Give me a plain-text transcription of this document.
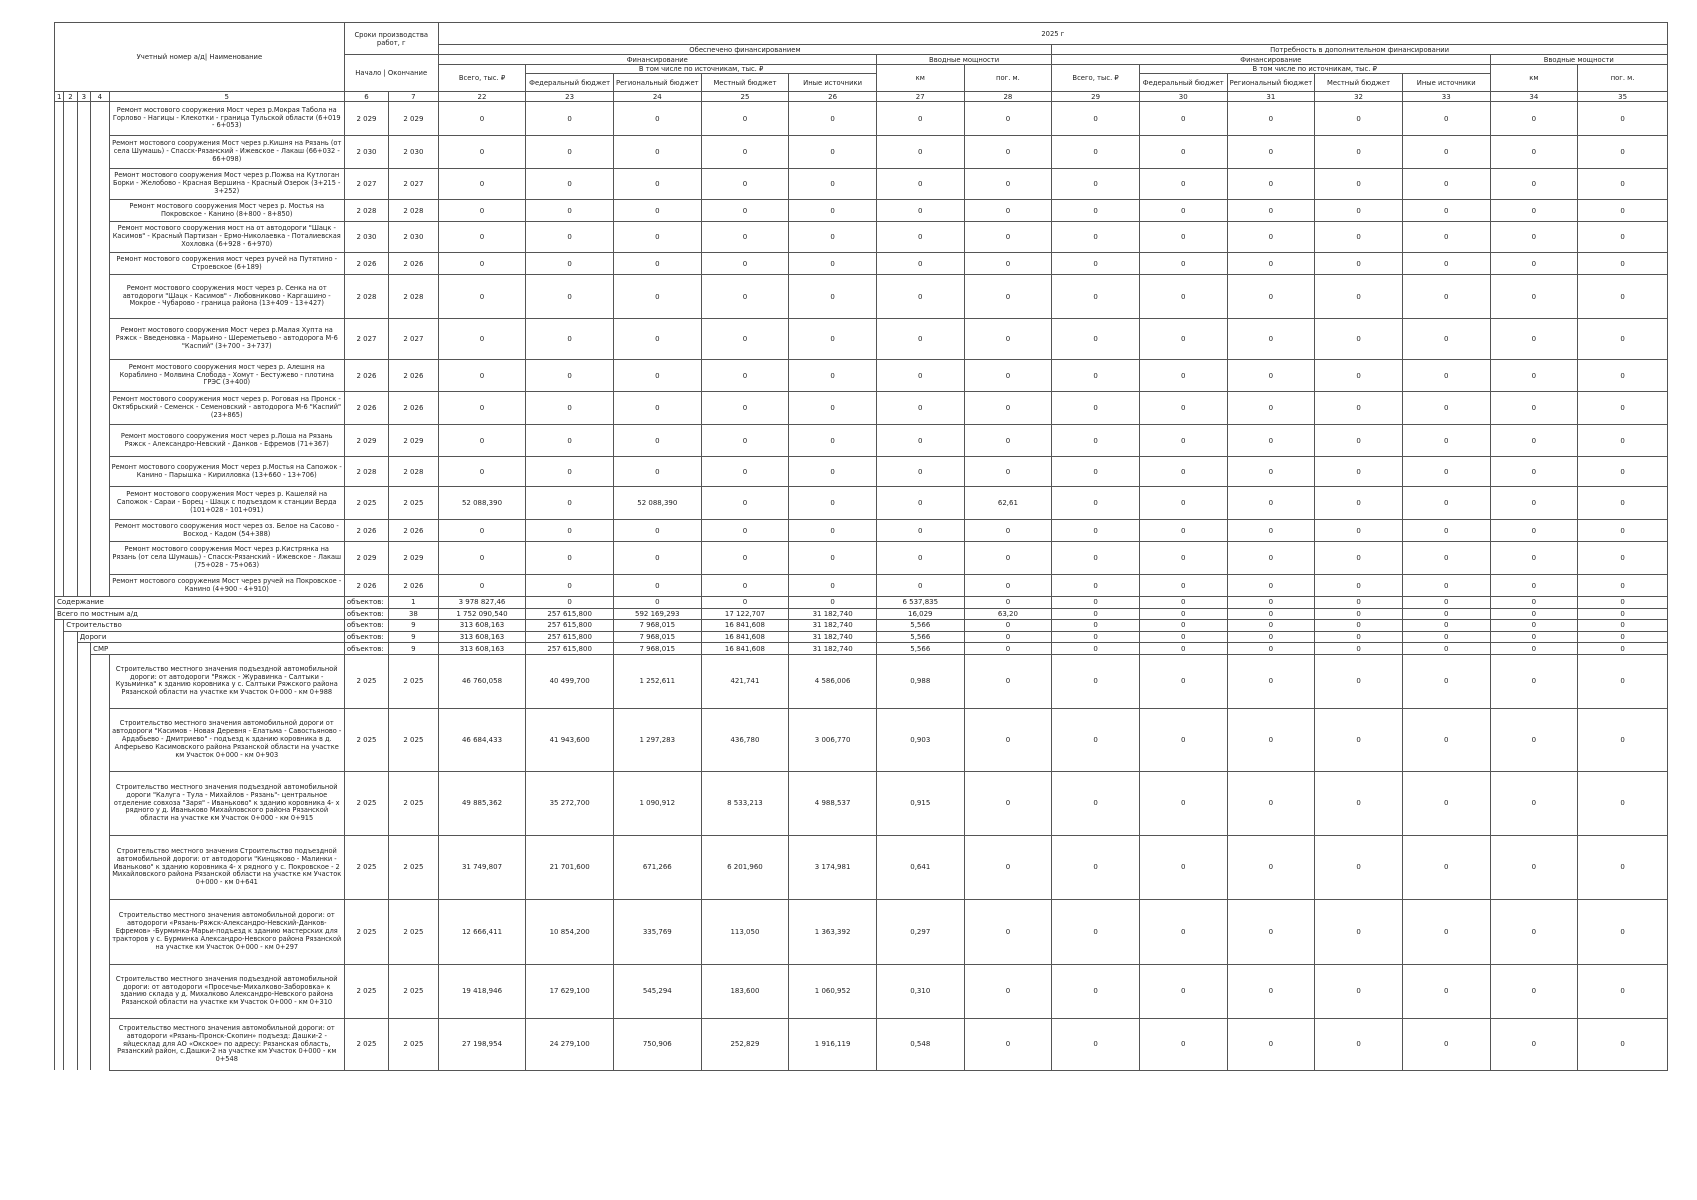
Учетный номер а/д| Наименование					Сроки производства работ, г		2025 г													
							Обеспечено финансированием							Потребность в дополнительном финансировании						
					Начало | Окончание		Финансирование					Вводные мощности		Финансирование					Вводные мощности	
							Всего, тыс. ₽	В том числе по источникам, тыс. ₽				км	пог. м.	Всего, тыс. ₽	В том числе по источникам, тыс. ₽				км	пог. м.
								Федеральный бюджет	Региональный бюджет	Местный бюджет	Иные источники				Федеральный бюджет	Региональный бюджет	Местный бюджет	Иные источники		
1	2	3	4	5	6	7	22	23	24	25	26	27	28	29	30	31	32	33	34	35
				Ремонт мостового сооружения Мост через р.Мокрая Табола на Горлово - Нагицы - Клекотки - граница Тульской области (6+019 - 6+053)	2 029	2 029	0	0	0	0	0	0	0	0	0	0	0	0	0	0
				Ремонт мостового сооружения Мост через р.Кишня на Рязань (от села Шумашь) - Спасск-Рязанский - Ижевское - Лакаш (66+032 - 66+098)	2 030	2 030	0	0	0	0	0	0	0	0	0	0	0	0	0	0
				Ремонт мостового сооружения Мост через р.Пожва на Кутлоган Борки - Желобово - Красная Вершина - Красный Озерок (3+215 - 3+252)	2 027	2 027	0	0	0	0	0	0	0	0	0	0	0	0	0	0
				Ремонт мостового сооружения Мост через р. Мостья на Покровское - Канино (8+800 - 8+850)	2 028	2 028	0	0	0	0	0	0	0	0	0	0	0	0	0	0
				Ремонт мостового сооружения мост на от автодороги "Шацк - Касимов" - Красный Партизан - Ермо-Николаевка - Поталиевская Хохловка (6+928 - 6+970)	2 030	2 030	0	0	0	0	0	0	0	0	0	0	0	0	0	0
				Ремонт мостового сооружения мост через ручей на Путятино - Строевское (6+189)	2 026	2 026	0	0	0	0	0	0	0	0	0	0	0	0	0	0
				Ремонт мостового сооружения мост через р. Сенка на от автодороги "Шацк - Касимов" - Любовниково - Каргашино - Мокрое - Чубарово - граница района (13+409 - 13+427)	2 028	2 028	0	0	0	0	0	0	0	0	0	0	0	0	0	0
				Ремонт мостового сооружения Мост через р.Малая Хупта на Ряжск - Введеновка - Марьино - Шереметьево - автодорога М-6 "Каспий" (3+700 - 3+737)	2 027	2 027	0	0	0	0	0	0	0	0	0	0	0	0	0	0
				Ремонт мостового сооружения мост через р. Алешня на Кораблино - Молвина Слобода - Хомут - Бестужево - плотина ГРЭС (3+400)	2 026	2 026	0	0	0	0	0	0	0	0	0	0	0	0	0	0
				Ремонт мостового сооружения мост через р. Роговая на Пронск - Октябрьский - Семенск - Семеновский - автодорога М-6 "Каспий" (23+865)	2 026	2 026	0	0	0	0	0	0	0	0	0	0	0	0	0	0
				Ремонт мостового сооружения мост через р.Лоша на Рязань Ряжск - Александро-Невский - Данков - Ефремов (71+367)	2 029	2 029	0	0	0	0	0	0	0	0	0	0	0	0	0	0
				Ремонт мостового сооружения Мост через р.Мостья на Сапожок - Канино - Парышка - Кирилловка (13+660 - 13+706)	2 028	2 028	0	0	0	0	0	0	0	0	0	0	0	0	0	0
				Ремонт мостового сооружения Мост через р. Кашеляй на Сапожок - Сараи - Борец - Шацк с подъездом к станции Верда (101+028 - 101+091)	2 025	2 025	52 088,390	0	52 088,390	0	0	0	62,61	0	0	0	0	0	0	0
				Ремонт мостового сооружения мост через оз. Белое на Сасово - Восход - Кадом (54+388)	2 026	2 026	0	0	0	0	0	0	0	0	0	0	0	0	0	0
				Ремонт мостового сооружения Мост через р.Кистрянка на Рязань (от села Шумашь) - Спасск-Рязанский - Ижевское - Лакаш (75+028 - 75+063)	2 029	2 029	0	0	0	0	0	0	0	0	0	0	0	0	0	0
				Ремонт мостового сооружения Мост через ручей на Покровское - Канино (4+900 - 4+910)	2 026	2 026	0	0	0	0	0	0	0	0	0	0	0	0	0	0
Содержание					объектов:	1	3 978 827,46	0	0	0	0	6 537,835	0	0	0	0	0	0	0	0
Всего по мостным а/д					объектов:	38	1 752 090,540	257 615,800	592 169,293	17 122,707	31 182,740	16,029	63,20	0	0	0	0	0	0	0
	Строительство				объектов:	9	313 608,163	257 615,800	7 968,015	16 841,608	31 182,740	5,566	0	0	0	0	0	0	0	0
		Дороги			объектов:	9	313 608,163	257 615,800	7 968,015	16 841,608	31 182,740	5,566	0	0	0	0	0	0	0	0
			СМР		объектов:	9	313 608,163	257 615,800	7 968,015	16 841,608	31 182,740	5,566	0	0	0	0	0	0	0	0
				Строительство местного значения подъездной автомобильной дороги: от автодороги "Ряжск - Журавинка - Салтыки - Кузьминка" к зданию коровника у с. Салтыки Ряжского района Рязанской области на участке км Участок 0+000 - км 0+988	2 025	2 025	46 760,058	40 499,700	1 252,611	421,741	4 586,006	0,988	0	0	0	0	0	0	0	0
				Строительство местного значения автомобильной дороги от автодороги "Касимов - Новая Деревня - Елатьма - Савостьяново - Ардабьево - Дмитриево" - подъезд к зданию коровника в д. Алферьево Касимовского района Рязанской области на участке км Участок 0+000 - км 0+903	2 025	2 025	46 684,433	41 943,600	1 297,283	436,780	3 006,770	0,903	0	0	0	0	0	0	0	0
				Строительство местного значения подъездной автомобильной дороги "Калуга - Тула - Михайлов - Рязань"- центральное отделение совхоза "Заря" - Иваньково" к зданию коровника 4- х рядного у д. Иваньково Михайловского района Рязанской области на участке км Участок 0+000 - км 0+915	2 025	2 025	49 885,362	35 272,700	1 090,912	8 533,213	4 988,537	0,915	0	0	0	0	0	0	0	0
				Строительство местного значения Строительство подъездной автомобильной дороги: от автодороги "Кинцяково - Малинки - Иваньково" к зданию коровника 4- х рядного у с. Покровское - 2 Михайловского района Рязанской области на участке км Участок 0+000 - км 0+641	2 025	2 025	31 749,807	21 701,600	671,266	6 201,960	3 174,981	0,641	0	0	0	0	0	0	0	0
				Строительство местного значения автомобильной дороги: от автодороги «Рязань-Ряжск-Александро-Невский-Данков-Ефремов» -Бурминка-Марьи-подъезд к зданию мастерских для тракторов у с. Бурминка Александро-Невского района Рязанской на участке км Участок 0+000 - км 0+297	2 025	2 025	12 666,411	10 854,200	335,769	113,050	1 363,392	0,297	0	0	0	0	0	0	0	0
				Строительство местного значения подъездной автомобильной дороги: от автодороги «Просечье-Михалково-Заборовка» к зданию склада у д. Михалково Александро-Невского района Рязанской области на участке км Участок 0+000 - км 0+310	2 025	2 025	19 418,946	17 629,100	545,294	183,600	1 060,952	0,310	0	0	0	0	0	0	0	0
				Строительство местного значения автомобильной дороги: от автодороги «Рязань-Пронск-Скопин» подъезд: Дашки-2 - яйцесклад для АО «Окское» по адресу: Рязанская область, Рязанский район, с.Дашки-2 на участке км Участок 0+000 - км 0+548	2 025	2 025	27 198,954	24 279,100	750,906	252,829	1 916,119	0,548	0	0	0	0	0	0	0	0
